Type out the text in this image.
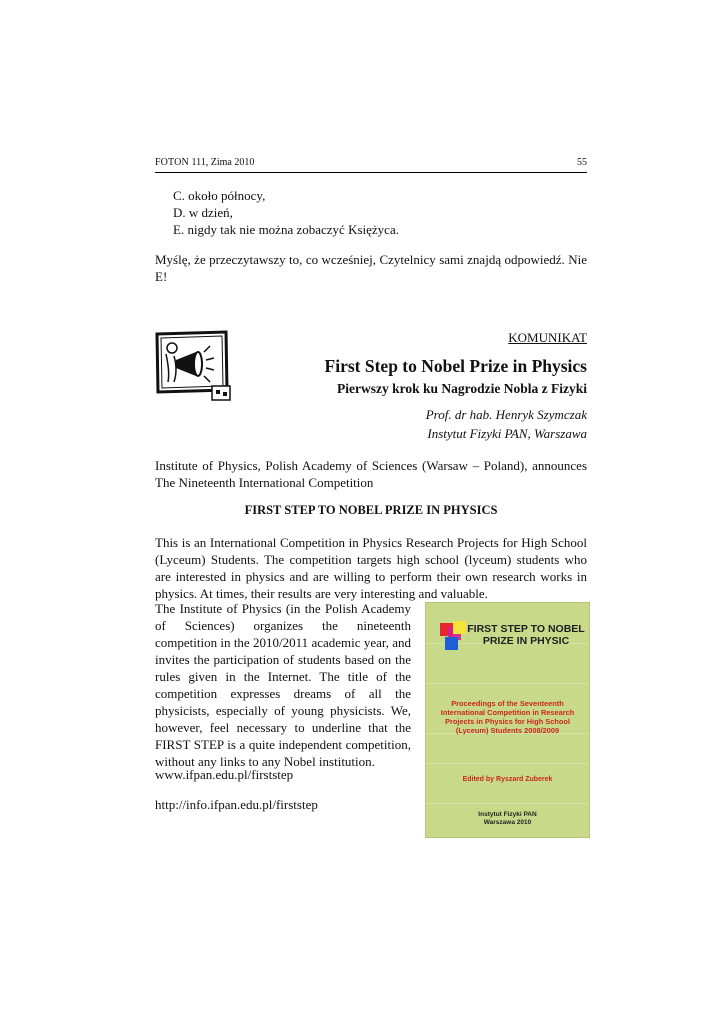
FOTON 111, Zima 2010	55
C. około północy,
D. w dzień,
E. nigdy tak nie można zobaczyć Księżyca.
Myślę, że przeczytawszy to, co wcześniej, Czytelnicy sami znajdą odpowiedź. Nie E!
KOMUNIKAT
First Step to Nobel Prize in Physics
Pierwszy krok ku Nagrodzie Nobla z Fizyki
Prof. dr hab. Henryk Szymczak
Instytut Fizyki PAN, Warszawa
Institute of Physics, Polish Academy of Sciences (Warsaw – Poland), announces The Nineteenth International Competition
FIRST STEP TO NOBEL PRIZE IN PHYSICS
This is an International Competition in Physics Research Projects for High School (Lyceum) Students. The competition targets high school (lyceum) students who are interested in physics and are willing to perform their own research works in physics. At times, their results are very interesting and valuable.
The Institute of Physics (in the Polish Academy of Sciences) organizes the nineteenth competition in the 2010/2011 academic year, and invites the participation of students based on the rules given in the Internet. The title of the competition expresses dreams of all the physicists, especially of young physicists. We, however, feel necessary to underline that the FIRST STEP is a quite independent competition, without any links to any Nobel institution.
www.ifpan.edu.pl/firststep
http://info.ifpan.edu.pl/firststep
FIRST STEP TO NOBEL PRIZE IN PHYSIC
Proceedings of the Seventeenth International Competition in Research Projects in Physics for High School (Lyceum) Students 2008/2009
Edited by Ryszard Zuberek
Instytut Fizyki PAN
Warszawa 2010
